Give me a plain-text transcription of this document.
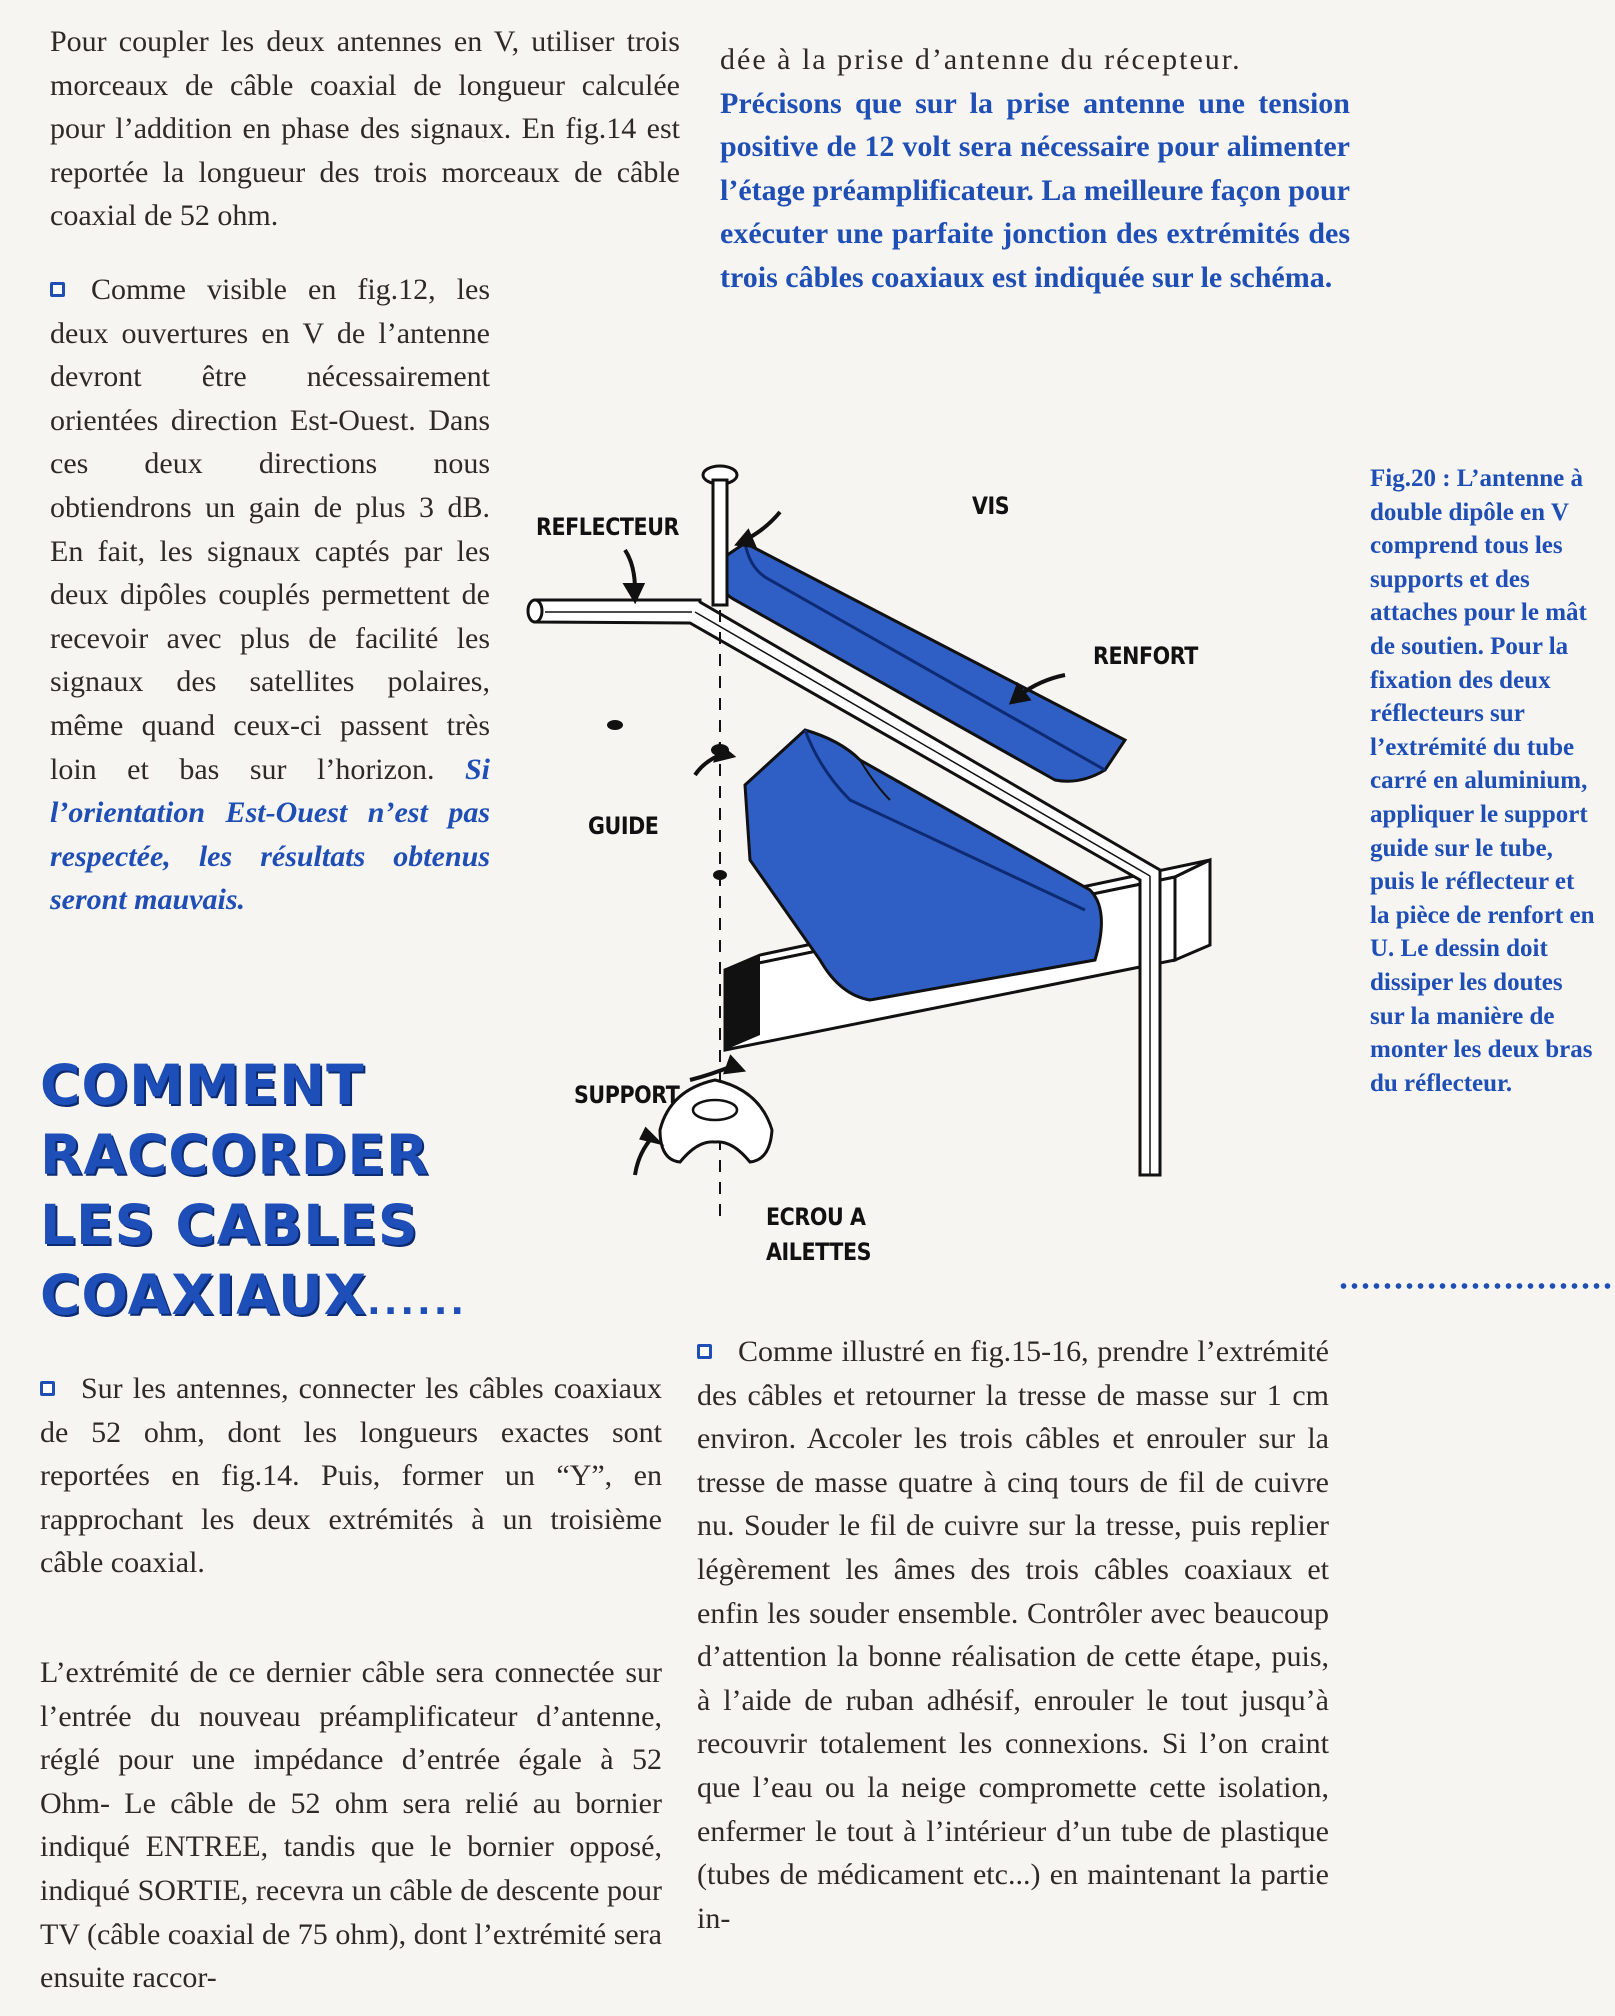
Pour coupler les deux antennes en V, utiliser trois morceaux de câble coaxial de longueur calculée pour l’addition en phase des signaux. En fig.14 est reportée la longueur des trois morceaux de câble coaxial de 52 ohm.

Comme visible en fig.12, les deux ouvertures en V de l’antenne devront être nécessairement orientées direction Est-Ouest. Dans ces deux directions nous obtiendrons un gain de plus 3 dB. En fait, les signaux captés par les deux dipôles couplés permettent de recevoir avec plus de facilité les signaux des satellites polaires, même quand ceux-ci passent très loin et bas sur l’horizon. Si l’orientation Est-Ouest n’est pas respectée, les résultats obtenus seront mauvais.

dée à la prise d’antenne du récepteur.

Précisons que sur la prise antenne une tension positive de 12 volt sera nécessaire pour alimenter l’étage préamplificateur. La meilleure façon pour exécuter une parfaite jonction des extrémités des trois câbles coaxiaux est indiquée sur le schéma.

COMMENT
RACCORDER
LES CABLES
COAXIAUX......

Fig.20 : L’antenne à double dipôle en V comprend tous les supports et des attaches pour le mât de soutien. Pour la fixation des deux réflecteurs sur l’extrémité du tube carré en aluminium, appliquer le support guide sur le tube, puis le réflecteur et la pièce de renfort en U. Le dessin doit dissiper les doutes sur la manière de monter les deux bras du réflecteur.

VIS

REFLECTEUR

RENFORT

GUIDE

SUPPORT

ECROU A

AILETTES

Sur les antennes, connecter les câbles coaxiaux de 52 ohm, dont les longueurs exactes sont reportées en fig.14. Puis, former un “Y”, en rapprochant les deux extrémités à un troisième câble coaxial.

L’extrémité de ce dernier câble sera connectée sur l’entrée du nouveau préamplificateur d’antenne, réglé pour une impédance d’entrée égale à 52 Ohm- Le câble de 52 ohm sera relié au bornier indiqué ENTREE, tandis que le bornier opposé, indiqué SORTIE, recevra un câble de descente pour TV (câble coaxial de 75 ohm), dont l’extrémité sera ensuite raccor-

Comme illustré en fig.15-16, prendre l’extrémité des câbles et retourner la tresse de masse sur 1 cm environ. Accoler les trois câbles et enrouler sur la tresse de masse quatre à cinq tours de fil de cuivre nu. Souder le fil de cuivre sur la tresse, puis replier légèrement les âmes des trois câbles coaxiaux et enfin les souder ensemble. Contrôler avec beaucoup d’attention la bonne réalisation de cette étape, puis, à l’aide de ruban adhésif, enrouler le tout jusqu’à recouvrir totalement les connexions. Si l’on craint que l’eau ou la neige compromette cette isolation, enfermer le tout à l’intérieur d’un tube de plastique (tubes de médicament etc...) en maintenant la partie in-
